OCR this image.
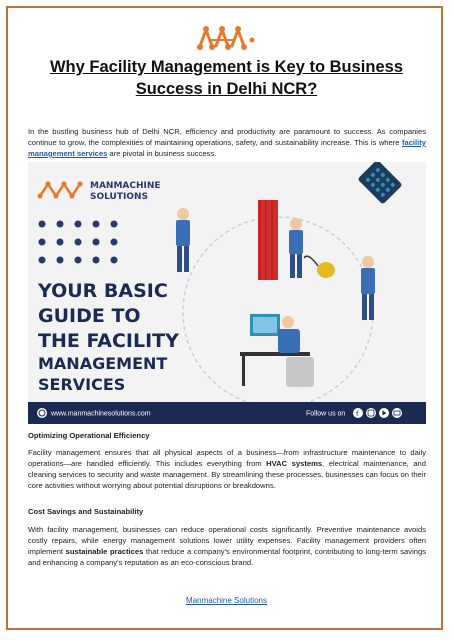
Why Facility Management is Key to Business Success in Delhi NCR?

In the bustling business hub of Delhi NCR, efficiency and productivity are paramount to success. As companies continue to grow, the complexities of maintaining operations, safety, and sustainability increase. This is where facility management services are pivotal in business success.

MANMACHINE
SOLUTIONS
YOUR BASIC
GUIDE TO
THE FACILITY
MANAGEMENT
SERVICES
www.manmachinesolutions.com	Follow us on f

Optimizing Operational Efficiency

Facility management ensures that all physical aspects of a business—from infrastructure maintenance to daily operations—are handled efficiently. This includes everything from HVAC systems, electrical maintenance, and cleaning services to security and waste management. By streamlining these processes, businesses can focus on their core activities without worrying about potential disruptions or breakdowns.

Cost Savings and Sustainability

With facility management, businesses can reduce operational costs significantly. Preventive maintenance avoids costly repairs, while energy management solutions lower utility expenses. Facility management providers often implement sustainable practices that reduce a company's environmental footprint, contributing to long-term savings and enhancing a company's reputation as an eco-conscious brand.

Manmachine Solutions
